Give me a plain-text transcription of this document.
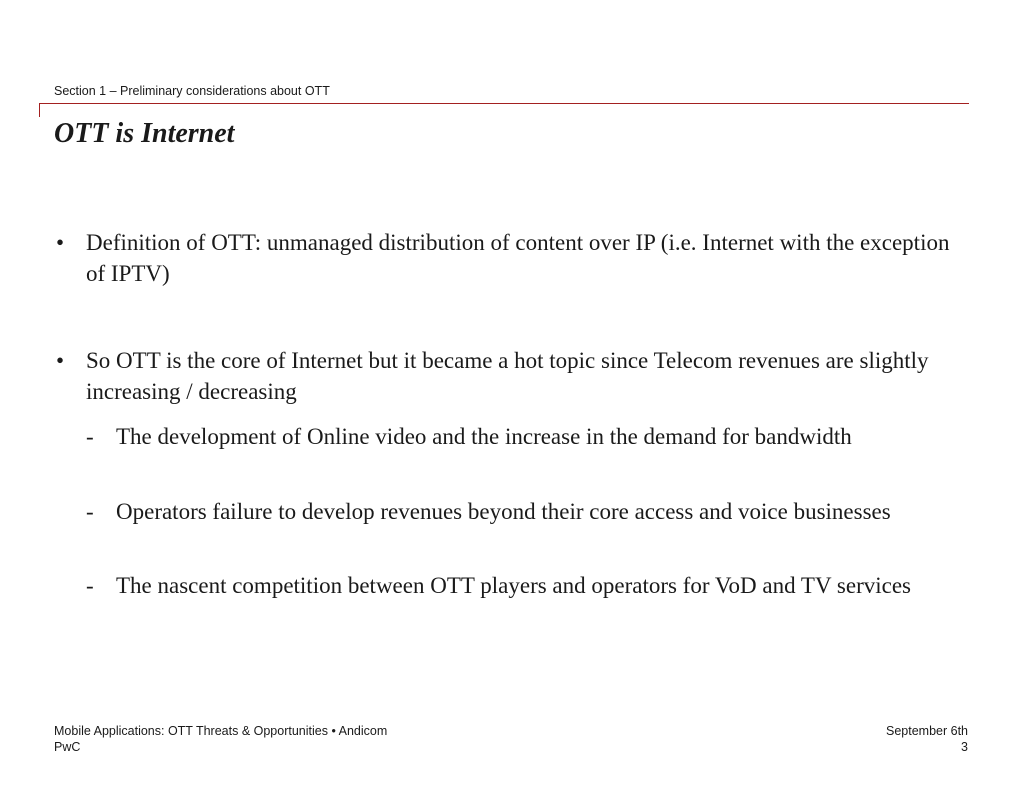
Section 1 – Preliminary considerations about OTT
OTT is Internet
• Definition of OTT: unmanaged distribution of content over IP (i.e. Internet with the exception of IPTV)
• So OTT is the core of Internet but it became a hot topic since Telecom revenues are slightly increasing / decreasing
- The development of Online video and the increase in the demand for bandwidth
- Operators failure to develop revenues beyond their core access and voice businesses
- The nascent competition between OTT players and operators for VoD and TV services
Mobile Applications: OTT Threats & Opportunities • Andicom
PwC
September 6th
3
